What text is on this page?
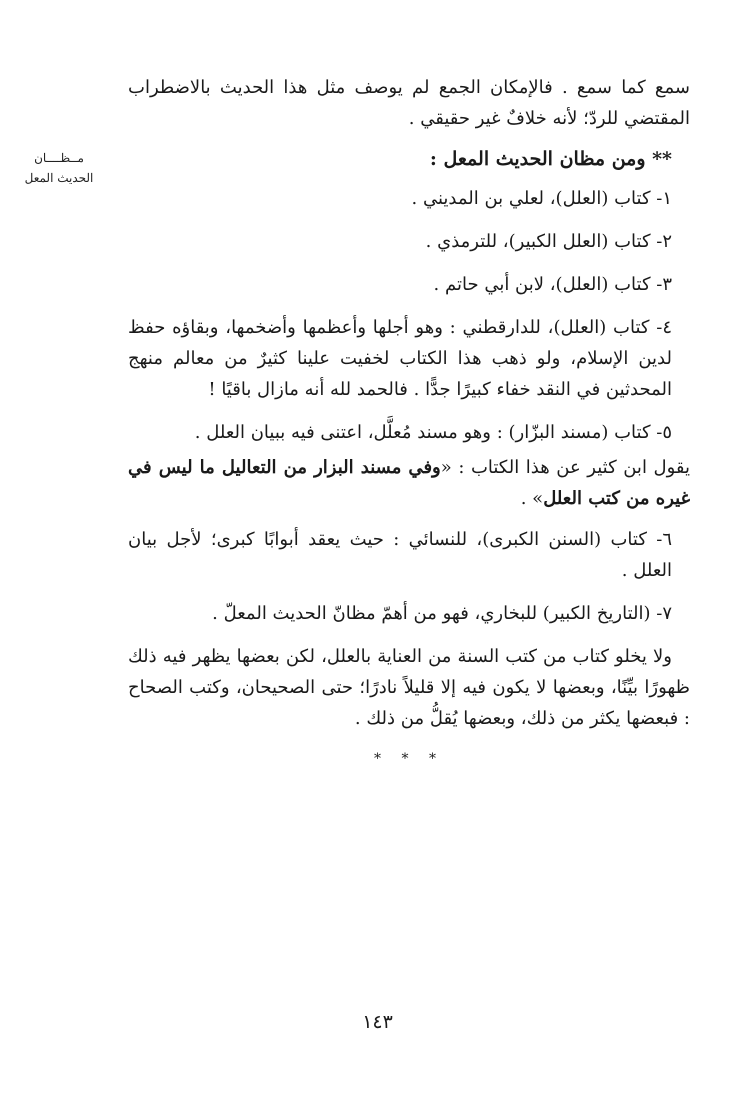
مــظــــان
الحديث المعل

سمع كما سمع . فالإمكان الجمع لم يوصف مثل هذا الحديث بالاضطراب المقتضي للردّ؛ لأنه خلافٌ غير حقيقي .

** ومن مظان الحديث المعل :

١- كتاب (العلل)، لعلي بن المديني .

٢- كتاب (العلل الكبير)، للترمذي .

٣- كتاب (العلل)، لابن أبي حاتم .

٤- كتاب (العلل)، للدارقطني : وهو أجلها وأعظمها وأضخمها، وبقاؤه حفظ لدين الإسلام، ولو ذهب هذا الكتاب لخفيت علينا كثيرٌ من معالم منهج المحدثين في النقد خفاء كبيرًا جدًّا . فالحمد لله أنه مازال باقيًا !

٥- كتاب (مسند البزّار) : وهو مسند مُعلَّل، اعتنى فيه ببيان العلل .

يقول ابن كثير عن هذا الكتاب : «وفي مسند البزار من التعاليل ما ليس في غيره من كتب العلل» .

٦- كتاب (السنن الكبرى)، للنسائي : حيث يعقد أبوابًا كبرى؛ لأجل بيان العلل .

٧- (التاريخ الكبير) للبخاري، فهو من أهمّ مظانّ الحديث المعلّ .

ولا يخلو كتاب من كتب السنة من العناية بالعلل، لكن بعضها يظهر فيه ذلك ظهورًا بيِّنًا، وبعضها لا يكون فيه إلا قليلاً نادرًا؛ حتى الصحيحان، وكتب الصحاح : فبعضها يكثر من ذلك، وبعضها يُقلُّ من ذلك .

* * *
١٤٣
